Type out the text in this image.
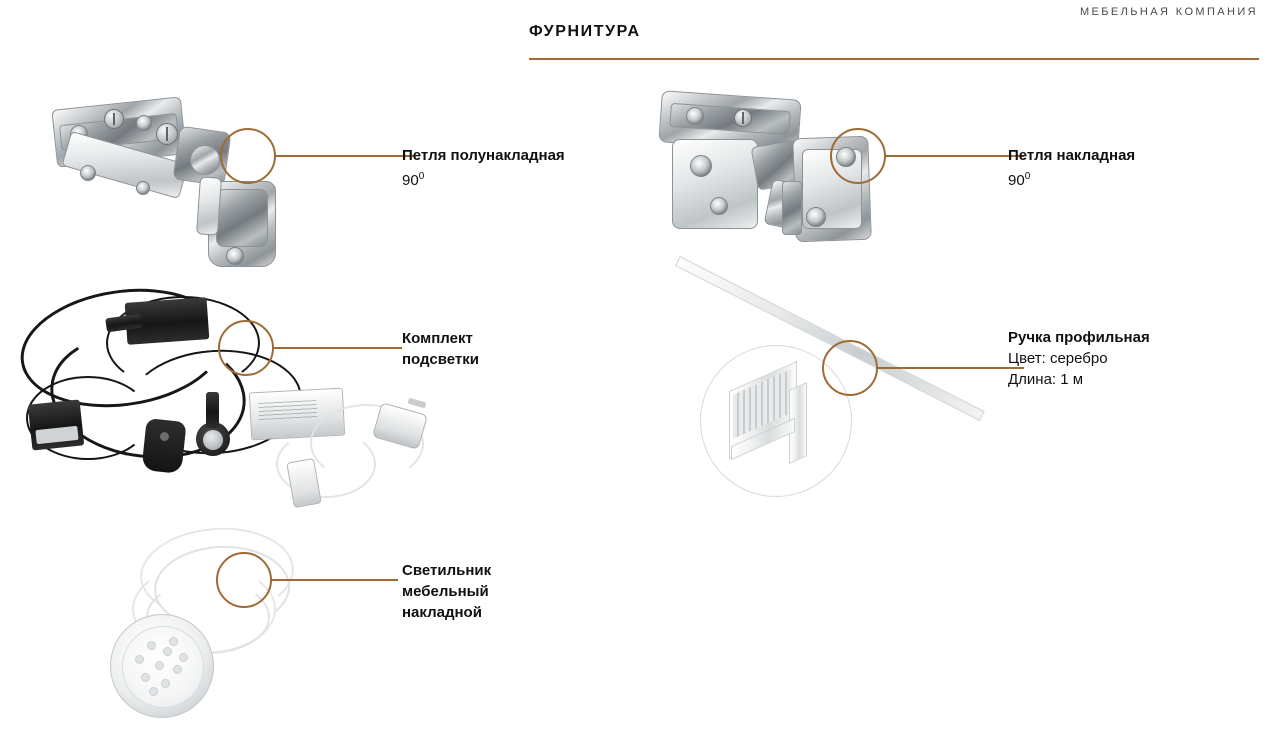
МЕБЕЛЬНАЯ КОМПАНИЯ
ФУРНИТУРА
Петля полунакладная
$90^0$
Петля накладная
$90^0$
Комплект
подсветки
Ручка профильная
Цвет: серебро
Длина: 1 м
Светильник
мебельный
накладной
